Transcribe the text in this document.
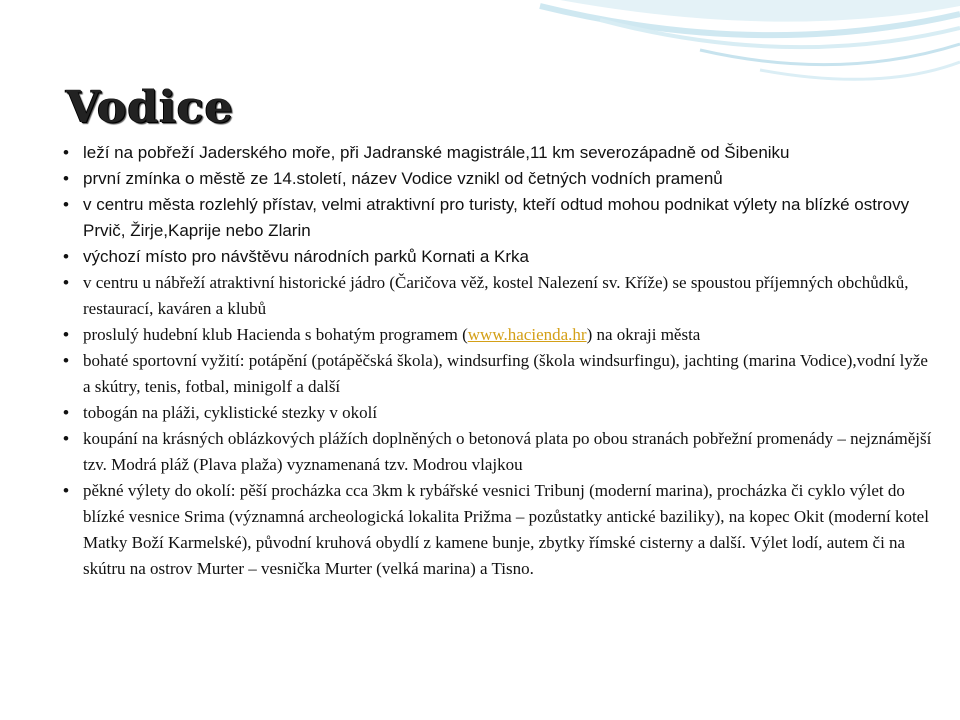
Vodice
• leží na pobřeží Jaderského moře, při Jadranské magistrále,11 km severozápadně od Šibeniku
• první zmínka o městě ze 14.století, název Vodice vznikl od četných vodních pramenů
• v centru města rozlehlý přístav, velmi atraktivní pro turisty, kteří odtud mohou podnikat výlety na blízké ostrovy Prvič, Žirje,Kaprije nebo Zlarin
• výchozí místo pro návštěvu národních parků Kornati a Krka
• v centru u nábřeží atraktivní historické jádro (Čaričova věž, kostel Nalezení sv. Kříže) se spoustou příjemných obchůdků, restaurací, kaváren a klubů
• proslulý hudební klub Hacienda s bohatým programem (www.hacienda.hr) na okraji města
• bohaté sportovní vyžití: potápění (potápěčská škola), windsurfing (škola windsurfingu), jachting (marina Vodice),vodní lyže a skútry, tenis, fotbal, minigolf a další
• tobogán na pláži, cyklistické stezky v okolí
• koupání na krásných oblázkových plážích doplněných o betonová plata po obou stranách pobřežní promenády – nejznámější tzv. Modrá pláž (Plava plaža) vyznamenaná tzv. Modrou vlajkou
• pěkné výlety do okolí: pěší procházka cca 3km k rybářské vesnici Tribunj (moderní marina), procházka či cyklo výlet do blízké vesnice Srima (významná archeologická lokalita Prižma – pozůstatky antické baziliky), na kopec Okit (moderní kotel Matky Boží Karmelské), původní kruhová obydlí z kamene bunje, zbytky římské cisterny a další. Výlet lodí, autem či na skútru na ostrov Murter – vesnička Murter (velká marina) a Tisno.
